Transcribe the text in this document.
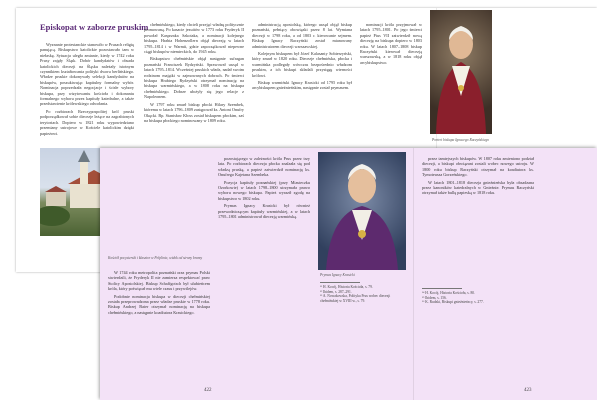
Episkopat w zaborze pruskim

Wyznanie protestanckie stanowiło w Prusach religię panującą. Biskupstwo katolickie pozostawało tam w niełaskę. Sytuacja uległa zmianie, kiedy w 1742 roku Prusy zajęły Śląsk. Dobór kandydatów i obsada katolickich diecezji na Śląsku należały istotnym czynnikiem kształtowania polityki dworu berlińskiego. Władze pruskie dokonywały selekcji kandydatów na biskupów, poszukiwując kapitulny formalny wybór. Nominacja poprzedzała negocjacje i ścisłe wybory biskupa, przy wizytowaniu kościoła i dokonaniu formalnego wyboru przez kapituły katedralne, a także przedstawienie królewskiego odwołania.

Po rozbiorach Rzeczypospolitej król pruski podporządkował sobie diecezje leżące na zagrabionych terytoriach. Dopiero w 1821 roku wypowiedziano przemiany ustrojowe w Kościele katolickim dzięki papieżowi.

chełmińskiego, kiedy chcieli przejąć władzę politycznie promowaną. Po kasacie jezuitów w 1773 roku Fryderyk II powołał Kasprzaka Szkotaka, a nominacji kolejnego biskupa. Hrabia Hohenzollern objął diecezję w latach 1795–1814 i w Warmii, gdzie zapoczątkował niepewne ciągi biskupów niemieckich, do 1945 roku.

Biskupstwo chełmińskie objął następnie sufragan poznański Franciszek Rydzyński. Sprawował urząd w latach 1795–1814. Wcześniej pruskich władz, nadał swoim rodzinom majątki w zajmowanych dobrach. Po śmierci biskupa Hrabiego Rydzyński otrzymał nominację na biskupa warmińskiego, a w 1808 roku na biskupa chełmińskiego. Dobrze ułożyły się jego relacje z Napoleonem.

W 1797 roku zmarł biskup płocki Hilary Szembek, któremu w latach 1796–1809 zastępował ks. Antoni Onufry Okęcki. Bp. Stanisław Kłoss został biskupem płockim, zaś na biskupa płockiego nominowany w 1809 roku.

administracją apostolską, którego urząd objął biskup poznański, pełniący obowiązki przez 8 lat. Wymiana diecezji w 1798 roku, a od 1803 r. kierowanie sejmem. Biskup Ignacy Raczyński został mianowany administratorem diecezji warszawskiej.

Kolejnym biskupem był Józef Kalasanty Sobierzyński, który zmarł w 1820 roku. Diecezje chełmińska, płocka i warmińska podlegały wówczas bezpośrednio władzom pruskim, a ich biskupi składali przysięgę wierności królowi.

Biskup warmiński Ignacy Krasicki od 1795 roku był arcybiskupem gnieźnieńskim, następnie został prymasem.

nominacji króla przyjmował w latach 1795–1801. Po jego śmierci papież Pius VII zatwierdził nową diecezję na biskupa dopiero w 1803 roku. W latach 1807–1808 biskup Raczyński kierował diecezją warszawską, a w 1818 roku objął arcybiskupstwo.

Portret biskupa Ignacego Raczyńskiego
Kościół pocysterski i klasztor w Pelplinie, widok od strony bramy

W 1744 roku metropolita poznański oraz prymas Polski stwierdzili, że Fryderyk II nie zamierza respektować praw Stolicy Apostolskiej. Biskup Schaffgotsch był ulubieńcem króla, który poświęcał mu wiele czasu i przywilejów.

Podobnie nominacja biskupa w diecezji chełmińskiej została przeprowadzona przez władze pruskie w 1778 roku. Biskup Andrzej Baier otrzymał nominację na biskupa chełmińskiego, a następnie koadiutora Krasickiego.

pozostającego w zależności króla Prus przez trzy lata. Po rozbiorach diecezja płocka znalazła się pod władzą pruską, a papież zatwierdził nominację ks. Onufrego Kajetana Szembeka.

Pozycja kapituły poznańskiej (przy Miasteczku Ozorkowie) w latach 1798–1800 utrzymała prawo wyboru nowego biskupa. Papież wyraził zgodę na biskupstwo w 1802 roku.

Prymas Ignacy Krasicki był również przewodniczącym kapituły warmińskiej, a w latach 1795–1801 administrował diecezją warmińską.

Prymas Ignacy Krasicki
¹¹ H. Kocój, Historia Kościoła, s. 79.
¹² Ibidem, s. 287–291.
¹³ A. Nowakowska, Polityka Prus wobec diecezji chełmińskiej w XVIII w., s. 79.

przez tamtejszych biskupów. W 1807 roku zmieniono podział diecezji, a biskupi obwiązani zostali wobec nowego ustroju. W 1800 roku biskup Raczyński otrzymał na koadiutora ks. Tymoteusza Gorzeńskiego.

W latach 1801–1818 diecezja gnieźnieńska była obsadzana przez kanoników katedralnych w Gnieźnie. Prymas Raczyński otrzymał także bullę papieską w 1818 roku.

¹⁴ H. Kocój, Historia Kościoła, s. 80.
¹⁵ Ibidem, s. 156.
¹⁶ K. Rudzki, Biskupi gnieźnieńscy, s. 277.
422	423
